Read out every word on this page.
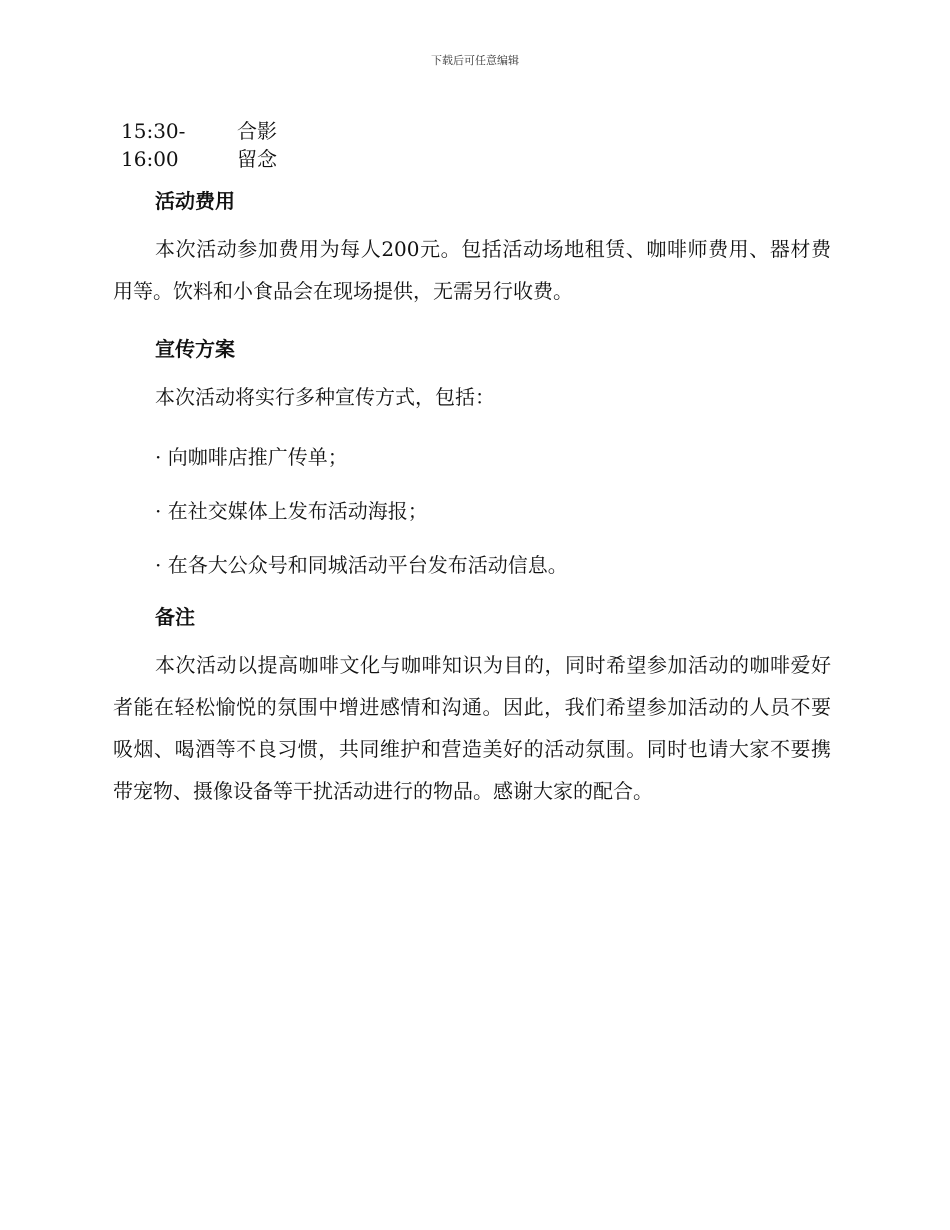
下载后可任意编辑
15:30-16:00
合影留念
活动费用

本次活动参加费用为每人200元。包括活动场地租赁、咖啡师费用、器材费用等。饮料和小食品会在现场提供，无需另行收费。

宣传方案

本次活动将实行多种宣传方式，包括：

· 向咖啡店推广传单；
· 在社交媒体上发布活动海报；
· 在各大公众号和同城活动平台发布活动信息。
备注

本次活动以提高咖啡文化与咖啡知识为目的，同时希望参加活动的咖啡爱好者能在轻松愉悦的氛围中增进感情和沟通。因此，我们希望参加活动的人员不要吸烟、喝酒等不良习惯，共同维护和营造美好的活动氛围。同时也请大家不要携带宠物、摄像设备等干扰活动进行的物品。感谢大家的配合。
